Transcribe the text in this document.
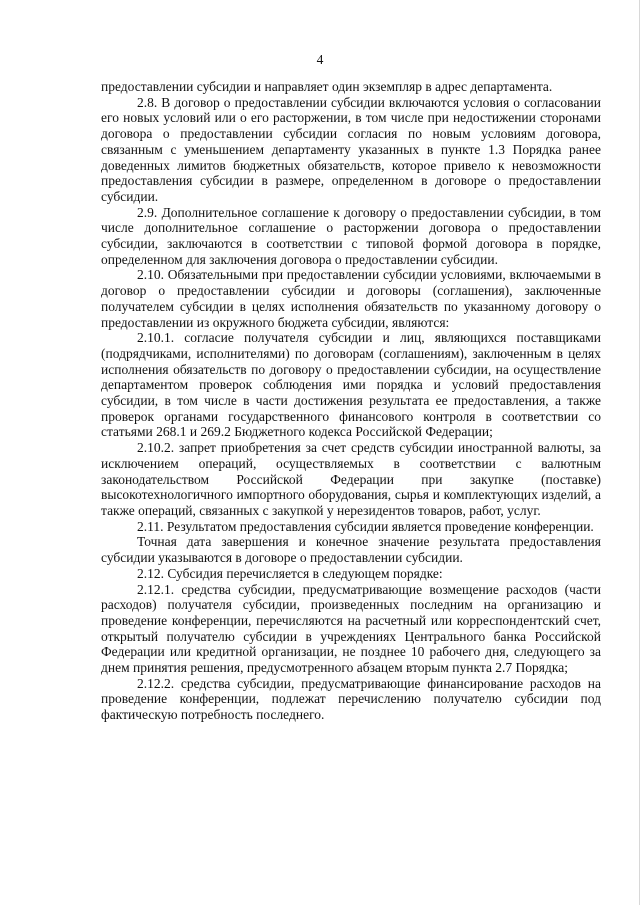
4

предоставлении субсидии и направляет один экземпляр в адрес департамента.

2.8. В договор о предоставлении субсидии включаются условия о согласовании его новых условий или о его расторжении, в том числе при недостижении сторонами договора о предоставлении субсидии согласия по новым условиям договора, связанным с уменьшением департаменту указанных в пункте 1.3 Порядка ранее доведенных лимитов бюджетных обязательств, которое привело к невозможности предоставления субсидии в размере, определенном в договоре о предоставлении субсидии.

2.9. Дополнительное соглашение к договору о предоставлении субсидии, в том числе дополнительное соглашение о расторжении договора о предоставлении субсидии, заключаются в соответствии с типовой формой договора в порядке, определенном для заключения договора о предоставлении субсидии.

2.10. Обязательными при предоставлении субсидии условиями, включаемыми в договор о предоставлении субсидии и договоры (соглашения), заключенные получателем субсидии в целях исполнения обязательств по указанному договору о предоставлении из окружного бюджета субсидии, являются:

2.10.1. согласие получателя субсидии и лиц, являющихся поставщиками (подрядчиками, исполнителями) по договорам (соглашениям), заключенным в целях исполнения обязательств по договору о предоставлении субсидии, на осуществление департаментом проверок соблюдения ими порядка и условий предоставления субсидии, в том числе в части достижения результата ее предоставления, а также проверок органами государственного финансового контроля в соответствии со статьями 268.1 и 269.2 Бюджетного кодекса Российской Федерации;

2.10.2. запрет приобретения за счет средств субсидии иностранной валюты, за исключением операций, осуществляемых в соответствии с валютным законодательством Российской Федерации при закупке (поставке) высокотехнологичного импортного оборудования, сырья и комплектующих изделий, а также операций, связанных с закупкой у нерезидентов товаров, работ, услуг.

2.11. Результатом предоставления субсидии является проведение конференции.

Точная дата завершения и конечное значение результата предоставления субсидии указываются в договоре о предоставлении субсидии.

2.12. Субсидия перечисляется в следующем порядке:

2.12.1. средства субсидии, предусматривающие возмещение расходов (части расходов) получателя субсидии, произведенных последним на организацию и проведение конференции, перечисляются на расчетный или корреспондентский счет, открытый получателю субсидии в учреждениях Центрального банка Российской Федерации или кредитной организации, не позднее 10 рабочего дня, следующего за днем принятия решения, предусмотренного абзацем вторым пункта 2.7 Порядка;

2.12.2. средства субсидии, предусматривающие финансирование расходов на проведение конференции, подлежат перечислению получателю субсидии под фактическую потребность последнего.
